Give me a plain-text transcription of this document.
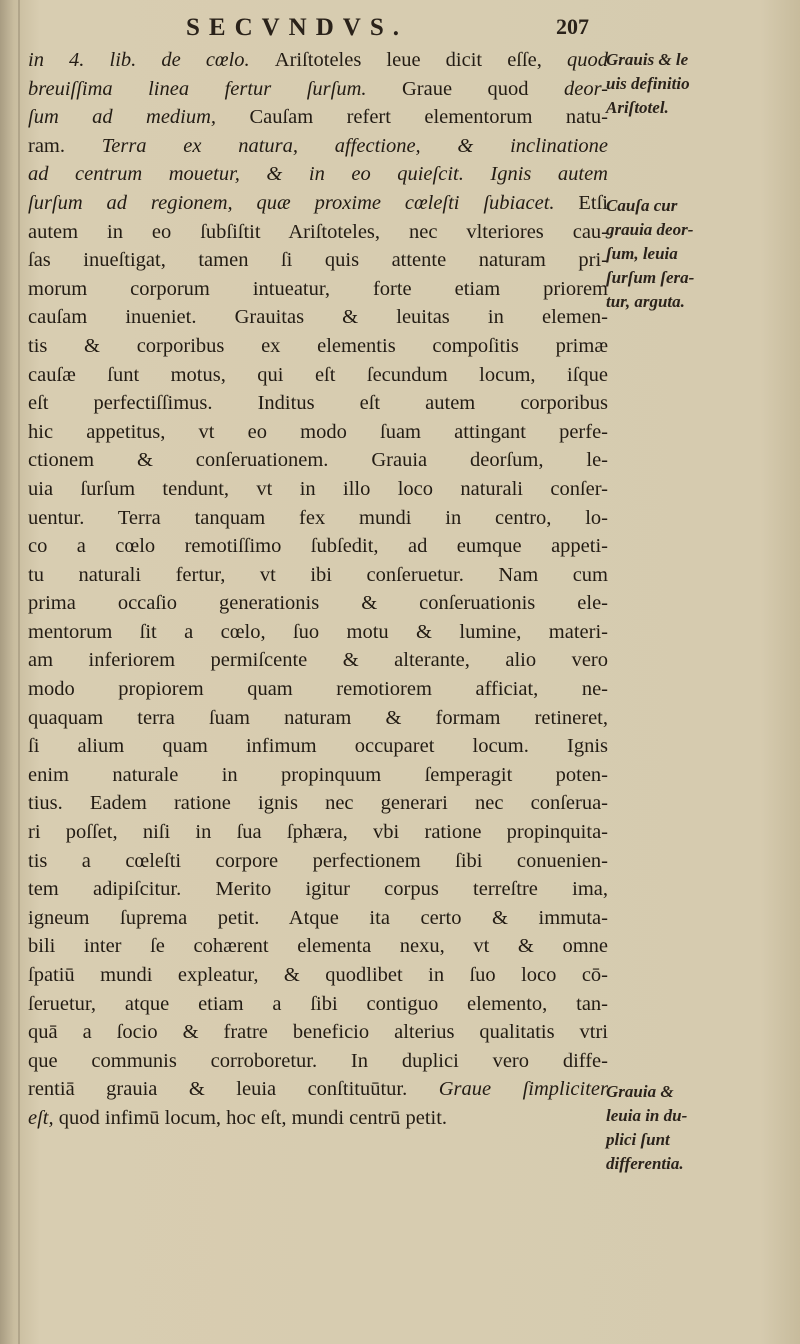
SECVNDVS.	207
in 4. lib. de cœlo. Ariſtoteles leue dicit eſſe, quod
breuiſſima linea fertur ſurſum. Graue quod deor-
ſum ad medium, Cauſam refert elementorum natu-
ram. Terra ex natura, affectione, & inclinatione
ad centrum mouetur, & in eo quieſcit. Ignis autem
ſurſum ad regionem, quæ proxime cœleſti ſubiacet. Etſi
autem in eo ſubſiſtit Ariſtoteles, nec vlteriores cau-
ſas inueſtigat, tamen ſi quis attente naturam pri-
morum corporum intueatur, forte etiam priorem
cauſam inueniet. Grauitas & leuitas in elemen-
tis & corporibus ex elementis compoſitis primæ
cauſæ ſunt motus, qui eſt ſecundum locum, iſque
eſt perfectiſſimus. Inditus eſt autem corporibus
hic appetitus, vt eo modo ſuam attingant perfe-
ctionem & conſeruationem. Grauia deorſum, le-
uia ſurſum tendunt, vt in illo loco naturali conſer-
uentur. Terra tanquam fex mundi in centro, lo-
co a cœlo remotiſſimo ſubſedit, ad eumque appeti-
tu naturali fertur, vt ibi conſeruetur. Nam cum
prima occaſio generationis & conſeruationis ele-
mentorum ſit a cœlo, ſuo motu & lumine, materi-
am inferiorem permiſcente & alterante, alio vero
modo propiorem quam remotiorem afficiat, ne-
quaquam terra ſuam naturam & formam retineret,
ſi alium quam infimum occuparet locum. Ignis
enim naturale in propinquum ſemperagit poten-
tius. Eadem ratione ignis nec generari nec conſerua-
ri poſſet, niſi in ſua ſphæra, vbi ratione propinquita-
tis a cœleſti corpore perfectionem ſibi conuenien-
tem adipiſcitur. Merito igitur corpus terreſtre ima,
igneum ſuprema petit. Atque ita certo & immuta-
bili inter ſe cohærent elementa nexu, vt & omne
ſpatiū mundi expleatur, & quodlibet in ſuo loco cō-
ſeruetur, atque etiam a ſibi contiguo elemento, tan-
quā a ſocio & fratre beneficio alterius qualitatis vtri
que communis corroboretur. In duplici vero diffe-
rentiā grauia & leuia conſtituūtur. Graue ſimpliciter
eſt, quod infimū locum, hoc eſt, mundi centrū petit.
Grauis & le
uis definitio
Ariſtotel.
Cauſa cur
grauia deor-
ſum, leuia
ſurſum ſera-
tur, arguta.
Grauia &
leuia in du-
plici ſunt
differentia.
